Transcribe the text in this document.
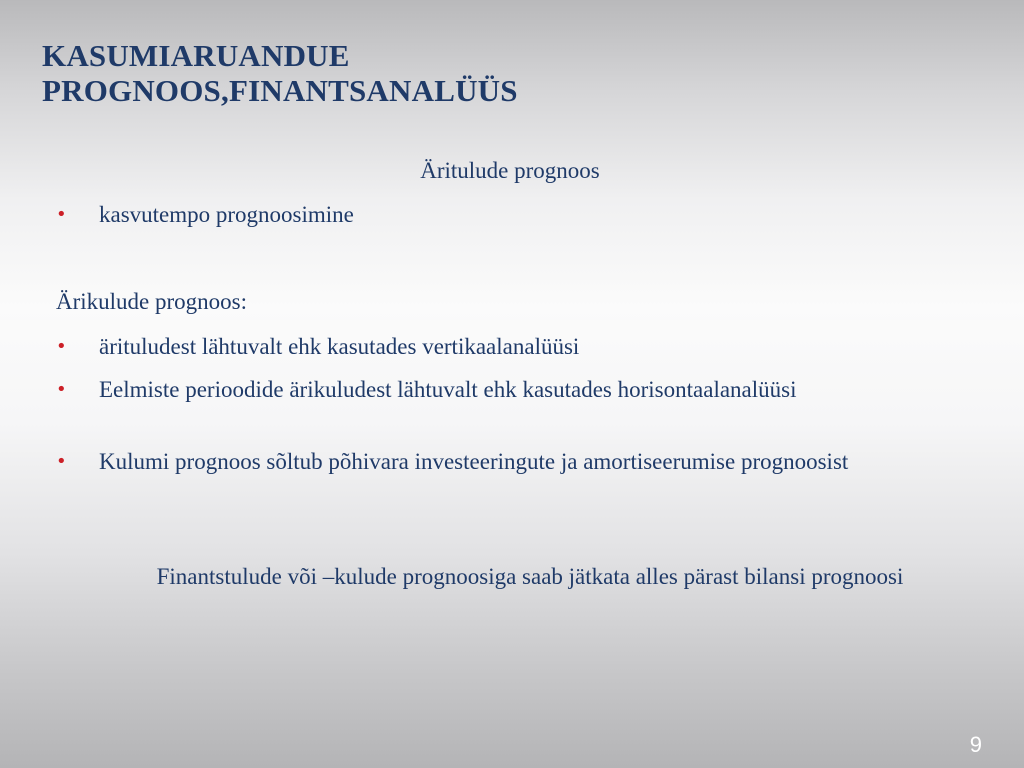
KASUMIARUANDUE
PROGNOOS,FINANTSANALÜÜS
Äritulude prognoos
• kasvutempo prognoosimine
Ärikulude prognoos:
• ärituludest lähtuvalt ehk kasutades vertikaalanalüüsi
• Eelmiste perioodide ärikuludest lähtuvalt ehk kasutades horisontaalanalüüsi
• Kulumi prognoos sõltub põhivara investeeringute ja amortiseerumise prognoosist
Finantstulude või –kulude prognoosiga saab jätkata alles pärast bilansi prognoosi
9
